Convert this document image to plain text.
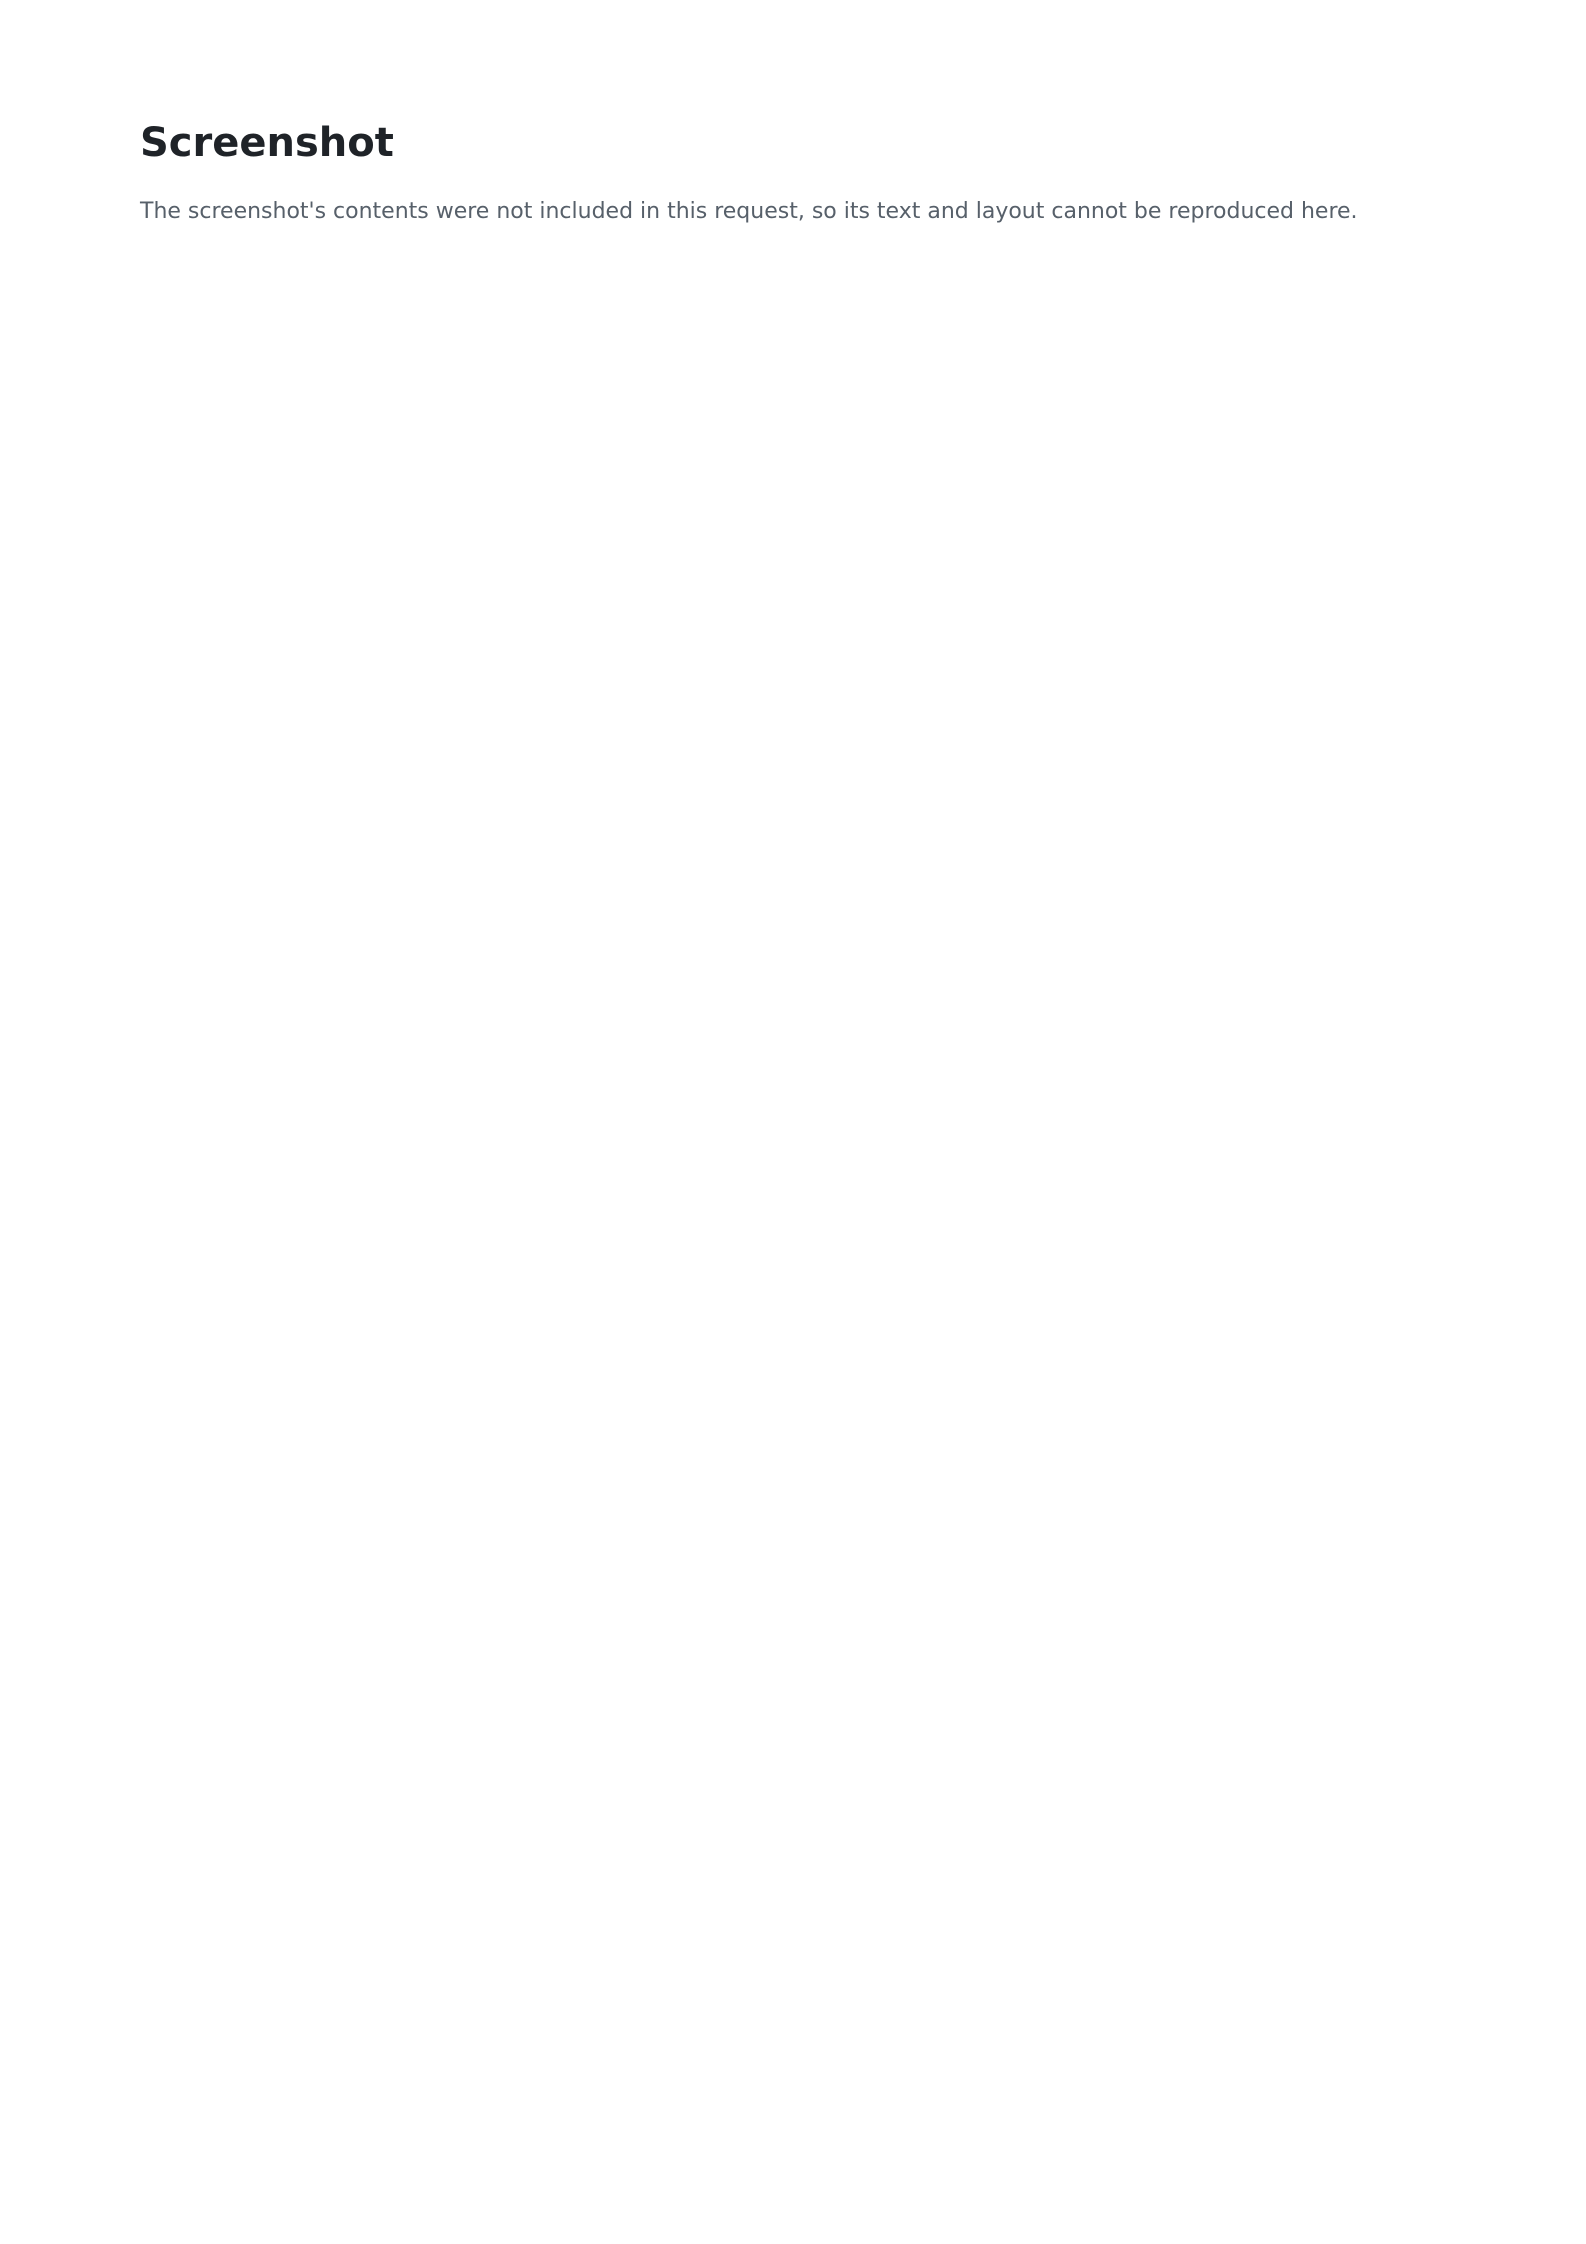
Screenshot

The screenshot's contents were not included in this request, so its text and layout cannot be reproduced here.
